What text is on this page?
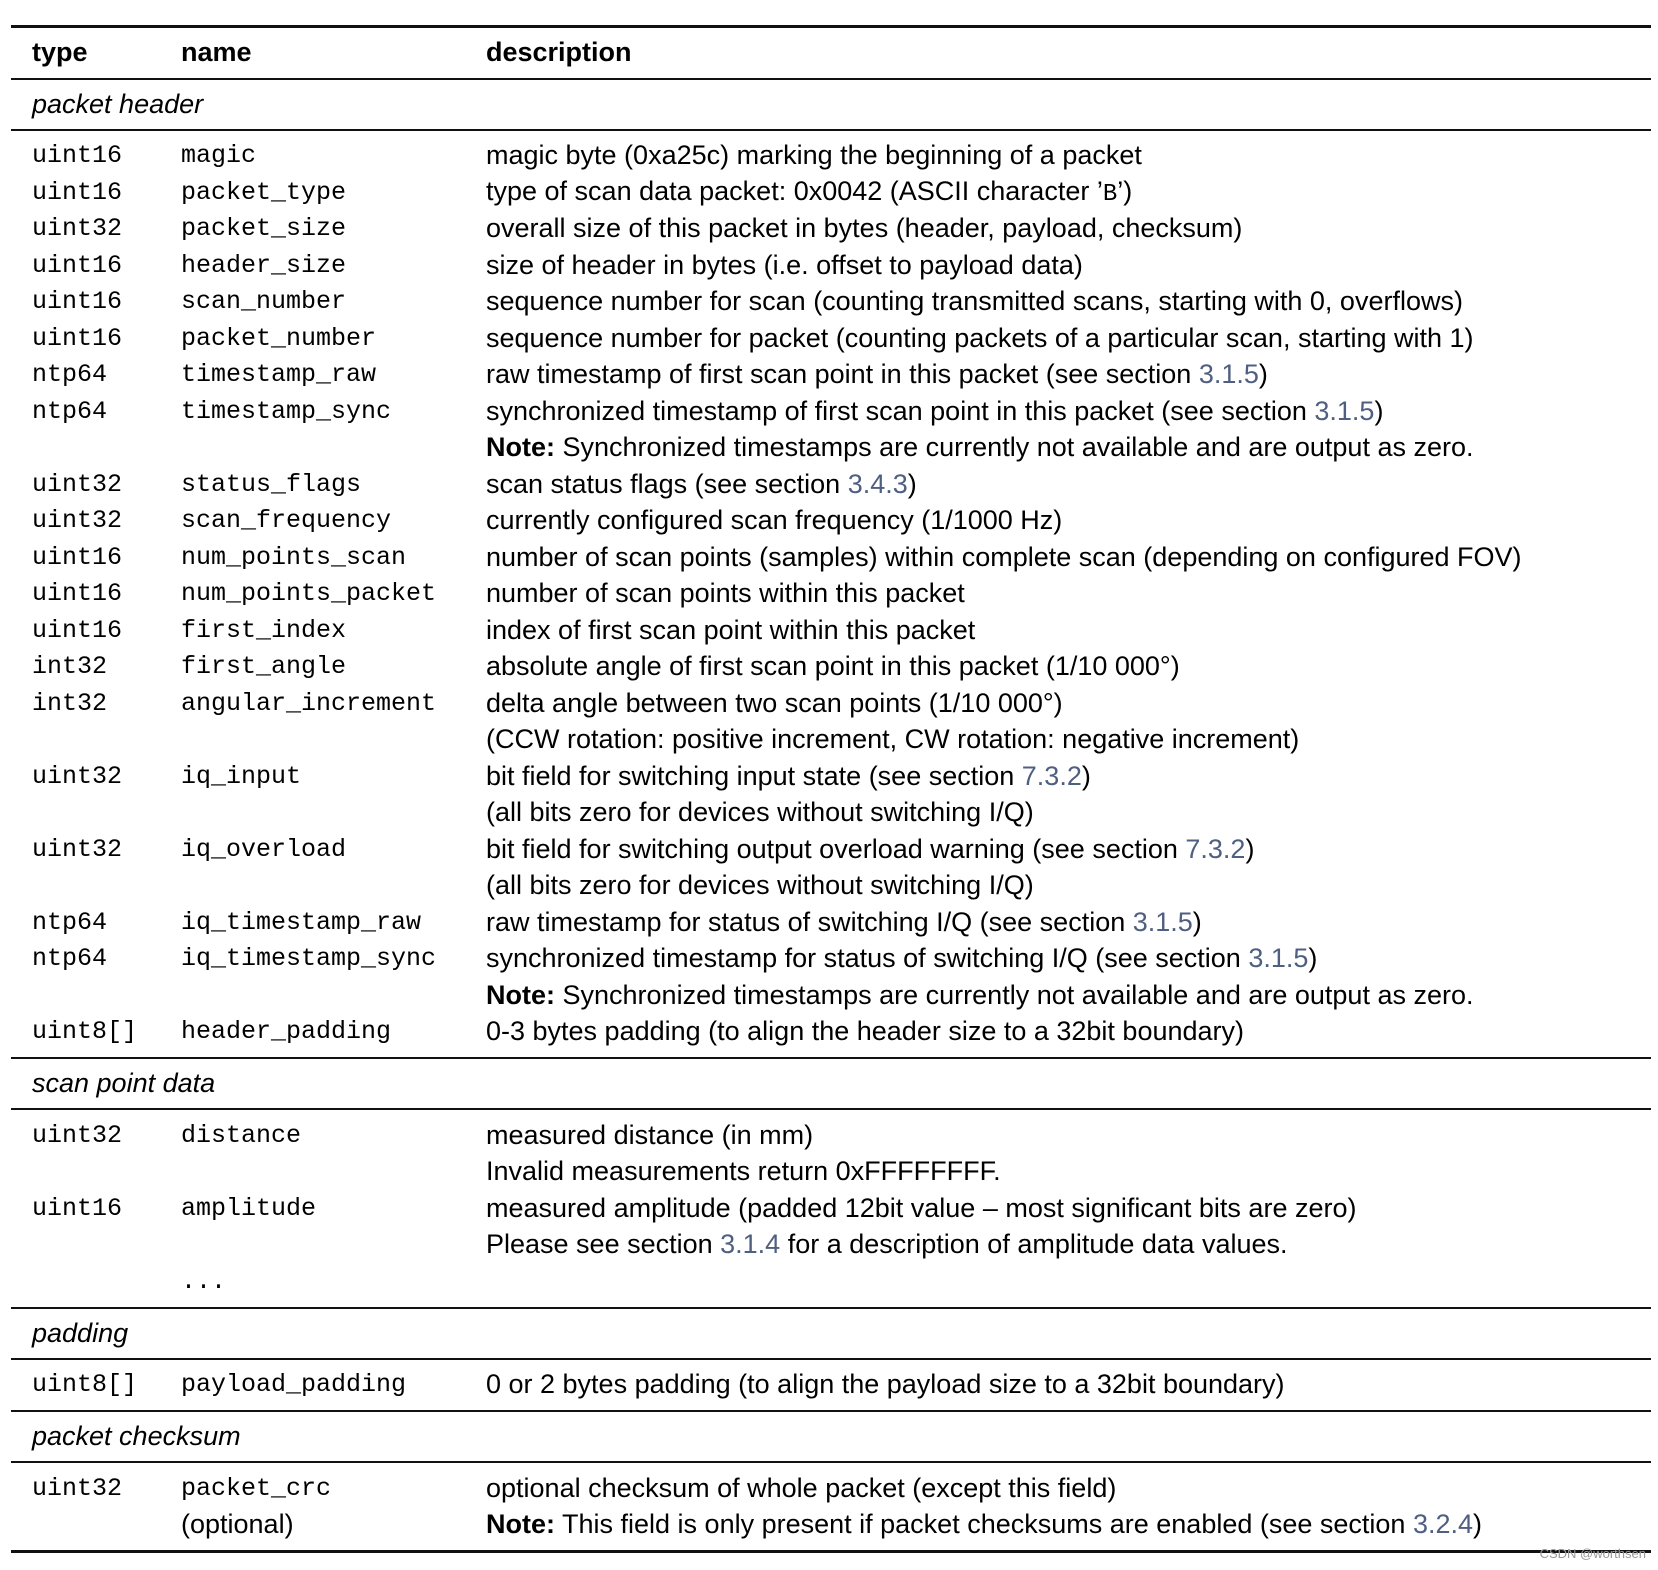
type	name	description
packet header
uint16 magic	magic byte (0xa25c) marking the beginning of a packet
uint16 packet_type	type of scan data packet: 0x0042 (ASCII character ’B’)
uint32 packet_size	overall size of this packet in bytes (header, payload, checksum)
uint16 header_size	size of header in bytes (i.e. offset to payload data)
uint16 scan_number	sequence number for scan (counting transmitted scans, starting with 0, overflows)
uint16 packet_number	sequence number for packet (counting packets of a particular scan, starting with 1)
ntp64	timestamp_raw	raw timestamp of first scan point in this packet (see section 3.1.5)
ntp64	timestamp_sync	synchronized timestamp of first scan point in this packet (see section 3.1.5)
Note: Synchronized timestamps are currently not available and are output as zero.
uint32 status_flags	scan status flags (see section 3.4.3)
uint32 scan_frequency	currently configured scan frequency (1/1000 Hz)
uint16 num_points_scan	number of scan points (samples) within complete scan (depending on configured FOV)
uint16 num_points_packet number of scan points within this packet
uint16 first_index	index of first scan point within this packet
int32	first_angle	absolute angle of first scan point in this packet (1/10 000°)
int32	angular_increment delta angle between two scan points (1/10 000°)
(CCW rotation: positive increment, CW rotation: negative increment)
uint32 iq_input	bit field for switching input state (see section 7.3.2)
(all bits zero for devices without switching I/Q)
uint32 iq_overload	bit field for switching output overload warning (see section 7.3.2)
(all bits zero for devices without switching I/Q)
ntp64	iq_timestamp_raw raw timestamp for status of switching I/Q (see section 3.1.5)
ntp64	iq_timestamp_sync synchronized timestamp for status of switching I/Q (see section 3.1.5)
Note: Synchronized timestamps are currently not available and are output as zero.
uint8[] header_padding	0-3 bytes padding (to align the header size to a 32bit boundary)
scan point data
uint32 distance	measured distance (in mm)
Invalid measurements return 0xFFFFFFFF.
uint16 amplitude	measured amplitude (padded 12bit value – most significant bits are zero)
Please see section 3.1.4 for a description of amplitude data values.
...
padding
uint8[] payload_padding	0 or 2 bytes padding (to align the payload size to a 32bit boundary)
packet checksum
uint32 packet_crc	optional checksum of whole packet (except this field)
(optional)	Note: This field is only present if packet checksums are enabled (see section 3.2.4)
CSDN @worthsen
